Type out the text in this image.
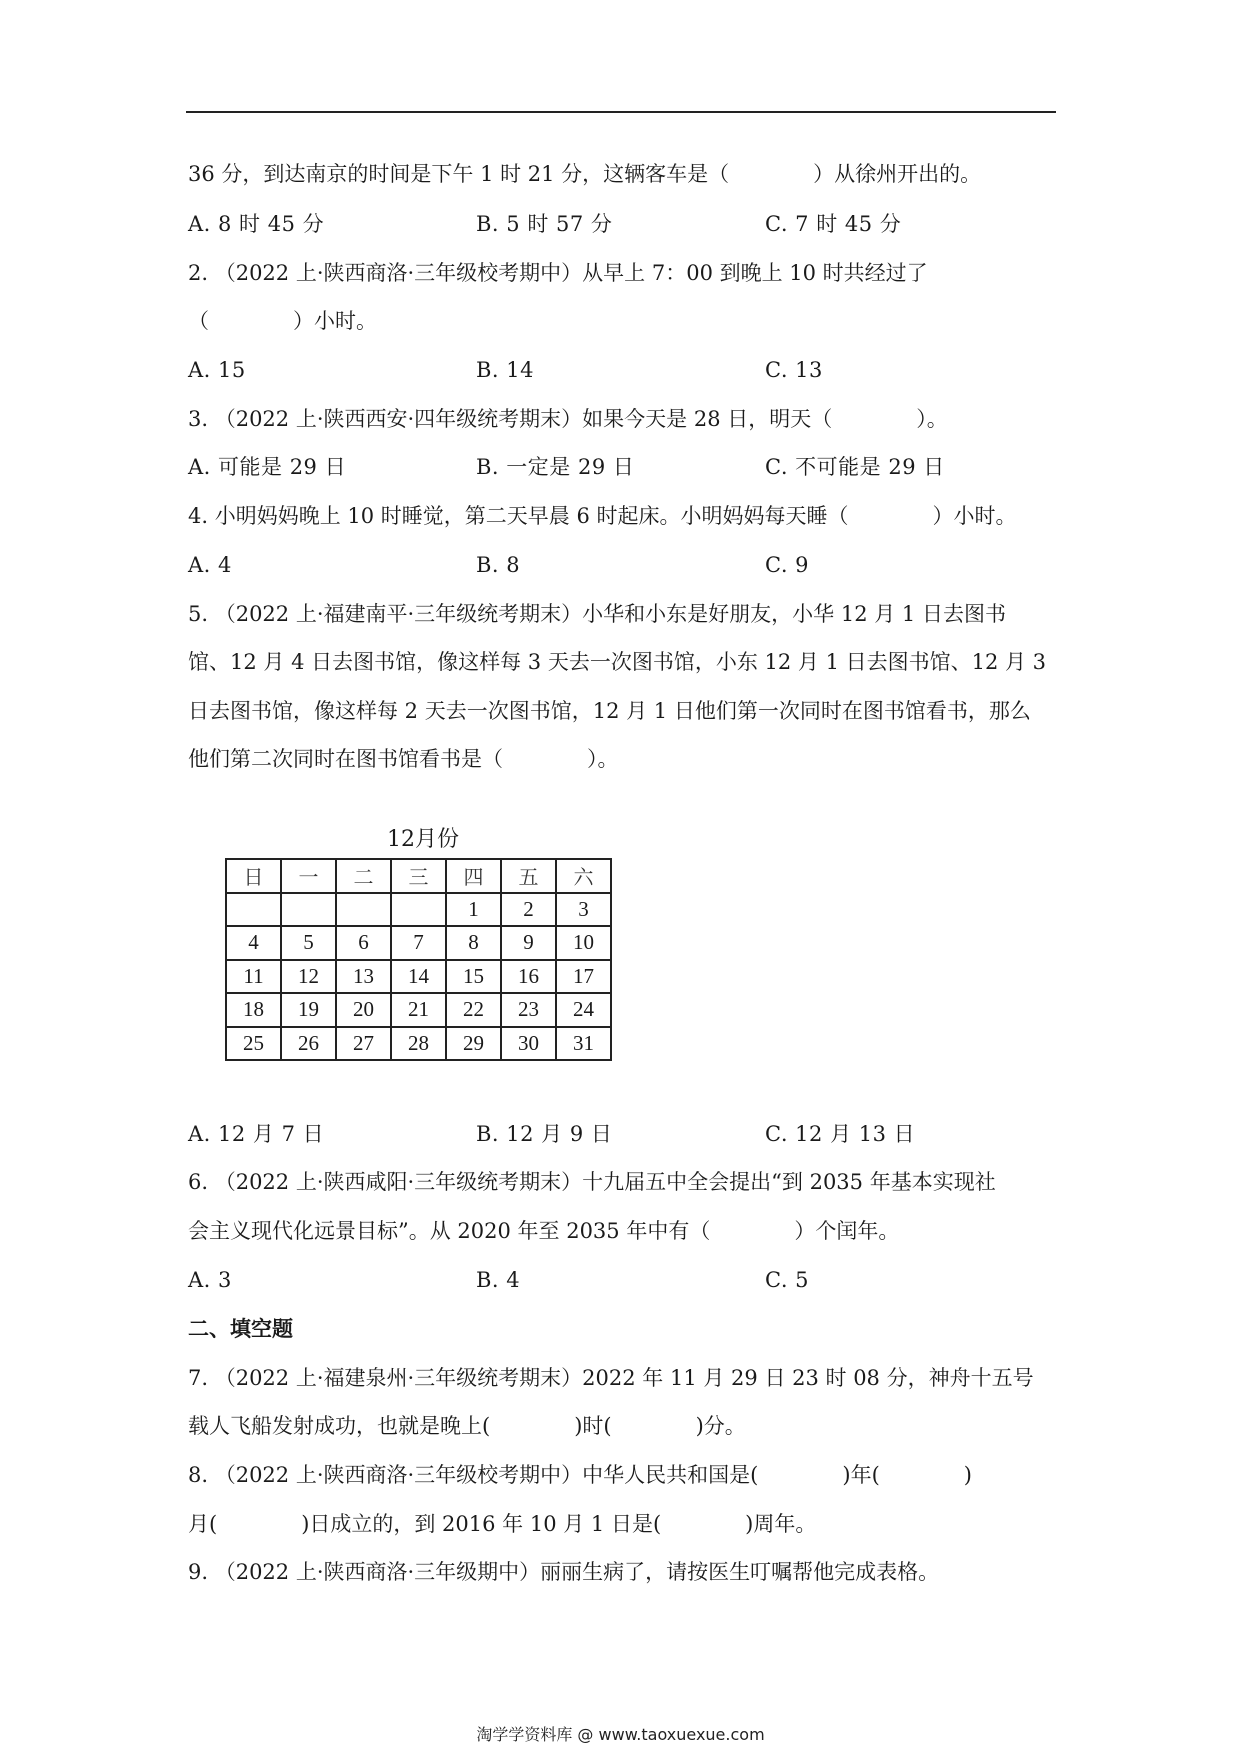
36 分，到达南京的时间是下午 1 时 21 分，这辆客车是（　　　　）从徐州开出的。
A. 8 时 45 分	B. 5 时 57 分	C. 7 时 45 分
2. （2022 上·陕西商洛·三年级校考期中）从早上 7：00 到晚上 10 时共经过了
（　　　　）小时。
A. 15	B. 14	C. 13
3. （2022 上·陕西西安·四年级统考期末）如果今天是 28 日，明天（　　　　）。
A. 可能是 29 日	B. 一定是 29 日	C. 不可能是 29 日
4. 小明妈妈晚上 10 时睡觉，第二天早晨 6 时起床。小明妈妈每天睡（　　　　）小时。
A. 4	B. 8	C. 9
5. （2022 上·福建南平·三年级统考期末）小华和小东是好朋友，小华 12 月 1 日去图书
馆、12 月 4 日去图书馆，像这样每 3 天去一次图书馆，小东 12 月 1 日去图书馆、12 月 3
日去图书馆，像这样每 2 天去一次图书馆，12 月 1 日他们第一次同时在图书馆看书，那么
他们第二次同时在图书馆看书是（　　　　）。
12月份
日	一	二	三	四	五	六
				1	2	3
4	5	6	7	8	9	10
11	12	13	14	15	16	17
18	19	20	21	22	23	24
25	26	27	28	29	30	31
A. 12 月 7 日	B. 12 月 9 日	C. 12 月 13 日
6. （2022 上·陕西咸阳·三年级统考期末）十九届五中全会提出“到 2035 年基本实现社
会主义现代化远景目标”。从 2020 年至 2035 年中有（　　　　）个闰年。
A. 3	B. 4	C. 5
二、填空题
7. （2022 上·福建泉州·三年级统考期末）2022 年 11 月 29 日 23 时 08 分，神舟十五号
载人飞船发射成功，也就是晚上(　　　　)时(　　　　)分。
8. （2022 上·陕西商洛·三年级校考期中）中华人民共和国是(　　　　)年(　　　　)
月(　　　　)日成立的，到 2016 年 10 月 1 日是(　　　　)周年。
9. （2022 上·陕西商洛·三年级期中）丽丽生病了，请按医生叮嘱帮他完成表格。
淘学学资料库 @ www.taoxuexue.com
